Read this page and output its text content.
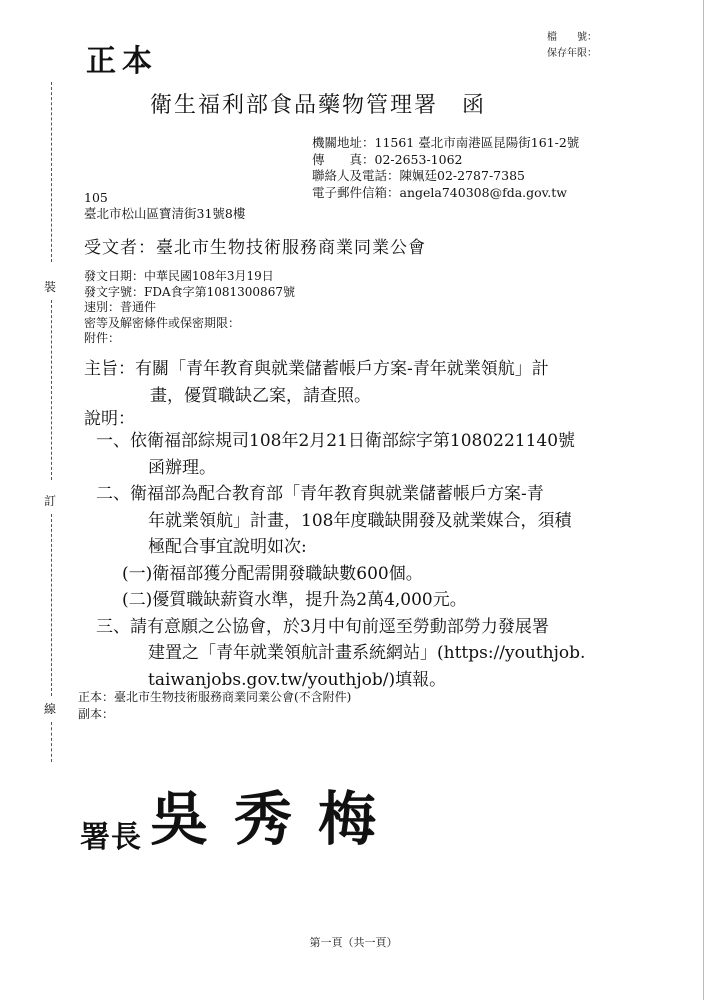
裝
訂
線
正本
檔　　號：
保存年限：
衛生福利部食品藥物管理署　函
機關地址：11561 臺北市南港區昆陽街161-2號
傳　　真：02-2653-1062
聯絡人及電話：陳姵廷02-2787-7385
電子郵件信箱：angela740308@fda.gov.tw
105
臺北市松山區寶清街31號8樓
受文者：臺北市生物技術服務商業同業公會
發文日期：中華民國108年3月19日
發文字號：FDA食字第1081300867號
速別：普通件
密等及解密條件或保密期限：
附件：
主旨：有關「青年教育與就業儲蓄帳戶方案-青年就業領航」計
畫，優質職缺乙案，請查照。
說明：
一、依衛福部綜規司108年2月21日衛部綜字第1080221140號
函辦理。
二、衛福部為配合教育部「青年教育與就業儲蓄帳戶方案-青
年就業領航」計畫，108年度職缺開發及就業媒合，須積
極配合事宜說明如次:
(一)衛福部獲分配需開發職缺數600個。
(二)優質職缺薪資水準，提升為2萬4,000元。
三、請有意願之公協會，於3月中旬前逕至勞動部勞力發展署
建置之「青年就業領航計畫系統網站」(https://youthjob.
taiwanjobs.gov.tw/youthjob/)填報。
正本：臺北市生物技術服務商業同業公會(不含附件)
副本：
署長 吳秀梅
第一頁（共一頁）
